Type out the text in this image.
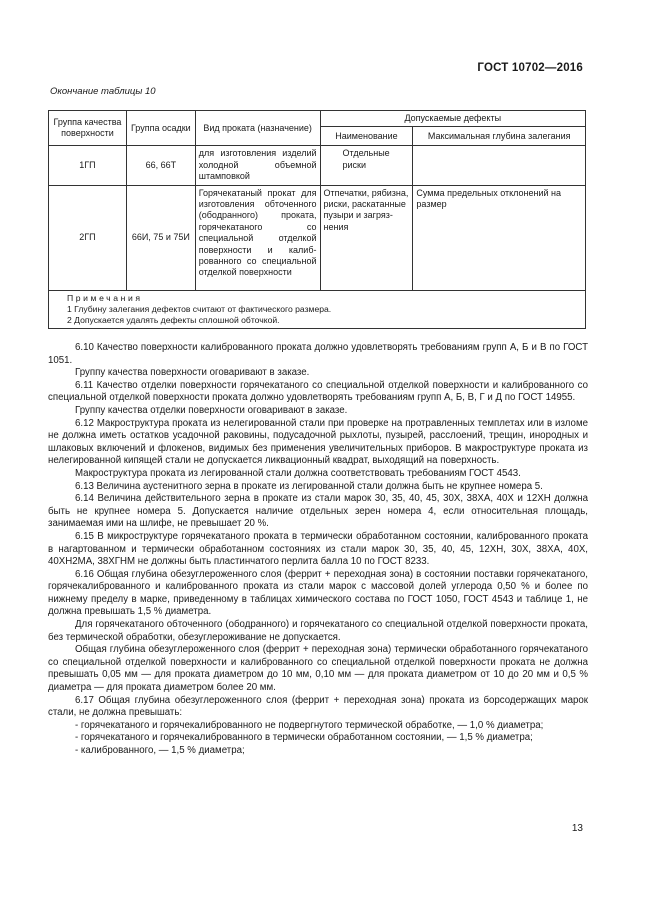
ГОСТ 10702—2016
Окончание таблицы 10
Группа качества поверхности	Группа осадки	Вид проката (назначение)	Допускаемые дефекты	
			Наименование	Максимальная глубина залегания
1ГП	66, 66Т	для изготовления изделий холодной объемной штамповкой	Отдельные риски	
2ГП	66И, 75 и 75И	Горячекатаный прокат для изготовления обточенного (ободранного) проката, горячекатаного со специальной отделкой поверхности и калиброванного со специальной отделкой поверхности	Отпечатки, рябизна, риски, раскатанные пузыри и загрязнения	Сумма предельных отклонений на размер

Примечания
1 Глубину залегания дефектов считают от фактического размера.
2 Допускается удалять дефекты сплошной обточкой.				

6.10 Качество поверхности калиброванного проката должно удовлетворять требованиям групп А, Б и В по ГОСТ 1051.

Группу качества поверхности оговаривают в заказе.

6.11 Качество отделки поверхности горячекатаного со специальной отделкой поверхности и калиброванного со специальной отделкой поверхности проката должно удовлетворять требованиям групп А, Б, В, Г и Д по ГОСТ 14955.

Группу качества отделки поверхности оговаривают в заказе.

6.12 Макроструктура проката из нелегированной стали при проверке на протравленных темплетах или в изломе не должна иметь остатков усадочной раковины, подусадочной рыхлоты, пузырей, расслоений, трещин, инородных и шлаковых включений и флокенов, видимых без применения увеличительных приборов. В макроструктуре проката из нелегированной кипящей стали не допускается ликвационный квадрат, выходящий на поверхность.

Макроструктура проката из легированной стали должна соответствовать требованиям ГОСТ 4543.

6.13 Величина аустенитного зерна в прокате из легированной стали должна быть не крупнее номера 5.

6.14 Величина действительного зерна в прокате из стали марок 30, 35, 40, 45, 30Х, 38ХА, 40Х и 12ХН должна быть не крупнее номера 5. Допускается наличие отдельных зерен номера 4, если относительная площадь, занимаемая ими на шлифе, не превышает 20 %.

6.15 В микроструктуре горячекатаного проката в термически обработанном состоянии, калиброванного проката в нагартованном и термически обработанном состояниях из стали марок 30, 35, 40, 45, 12ХН, 30Х, 38ХА, 40Х, 40ХН2МА, 38ХГНМ не должны быть пластинчатого перлита балла 10 по ГОСТ 8233.

6.16 Общая глубина обезуглероженного слоя (феррит + переходная зона) в состоянии поставки горячекатаного, горячекалиброванного и калиброванного проката из стали марок с массовой долей углерода 0,50 % и более по нижнему пределу в марке, приведенному в таблицах химического состава по ГОСТ 1050, ГОСТ 4543 и таблице 1, не должна превышать 1,5 % диаметра.

Для горячекатаного обточенного (ободранного) и горячекатаного со специальной отделкой поверхности проката, без термической обработки, обезуглероживание не допускается.

Общая глубина обезуглероженного слоя (феррит + переходная зона) термически обработанного горячекатаного со специальной отделкой поверхности и калиброванного со специальной отделкой поверхности проката не должна превышать 0,05 мм — для проката диаметром до 10 мм, 0,10 мм — для проката диаметром от 10 до 20 мм и 0,5 % диаметра — для проката диаметром более 20 мм.

6.17 Общая глубина обезуглероженного слоя (феррит + переходная зона) проката из борсодержащих марок стали, не должна превышать:

- горячекатаного и горячекалиброванного не подвергнутого термической обработке, — 1,0 % диаметра;

- горячекатаного и горячекалиброванного в термически обработанном состоянии, — 1,5 % диаметра;

- калиброванного, — 1,5 % диаметра;

13
